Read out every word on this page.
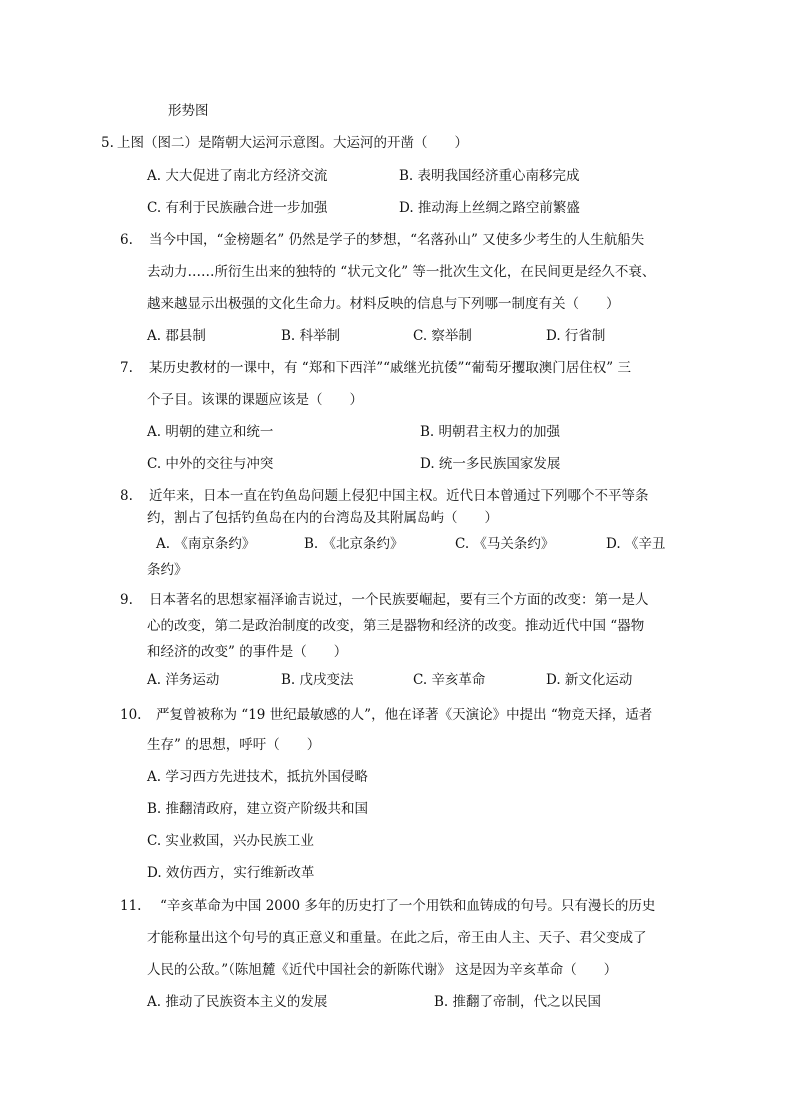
形势图
5. 上图（图二）是隋朝大运河示意图。大运河的开凿（　　）
A. 大大促进了南北方经济交流	B. 表明我国经济重心南移完成
C. 有利于民族融合进一步加强	D. 推动海上丝绸之路空前繁盛
6. 当今中国，“金榜题名” 仍然是学子的梦想，“名落孙山” 又使多少考生的人生航船失
去动力……所衍生出来的独特的 “状元文化” 等一批次生文化，在民间更是经久不衰、
越来越显示出极强的文化生命力。材料反映的信息与下列哪一制度有关（　　）
A. 郡县制	B. 科举制	C. 察举制	D. 行省制
7. 某历史教材的一课中，有 “郑和下西洋”“戚继光抗倭”“葡萄牙攫取澳门居住权” 三
个子目。该课的课题应该是（　　）
A. 明朝的建立和统一	B. 明朝君主权力的加强
C. 中外的交往与冲突	D. 统一多民族国家发展
8. 近年来，日本一直在钓鱼岛问题上侵犯中国主权。近代日本曾通过下列哪个不平等条
约，割占了包括钓鱼岛在内的台湾岛及其附属岛屿（　　）
A. 《南京条约》	B. 《北京条约》	C. 《马关条约》	D. 《辛丑
条约》
9. 日本著名的思想家福泽谕吉说过，一个民族要崛起，要有三个方面的改变：第一是人
心的改变，第二是政治制度的改变，第三是器物和经济的改变。推动近代中国 “器物
和经济的改变” 的事件是（　　）
A. 洋务运动	B. 戊戌变法	C. 辛亥革命	D. 新文化运动
10. 严复曾被称为 “19 世纪最敏感的人”，他在译著《天演论》中提出 “物竞天择，适者
生存” 的思想，呼吁（　　）
A. 学习西方先进技术，抵抗外国侵略
B. 推翻清政府，建立资产阶级共和国
C. 实业救国，兴办民族工业
D. 效仿西方，实行维新改革
11. “辛亥革命为中国 2000 多年的历史打了一个用铁和血铸成的句号。只有漫长的历史
才能称量出这个句号的真正意义和重量。在此之后，帝王由人主、天子、君父变成了
人民的公敌。”（陈旭麓《近代中国社会的新陈代谢》 这是因为辛亥革命（　　）
A. 推动了民族资本主义的发展	B. 推翻了帝制，代之以民国
